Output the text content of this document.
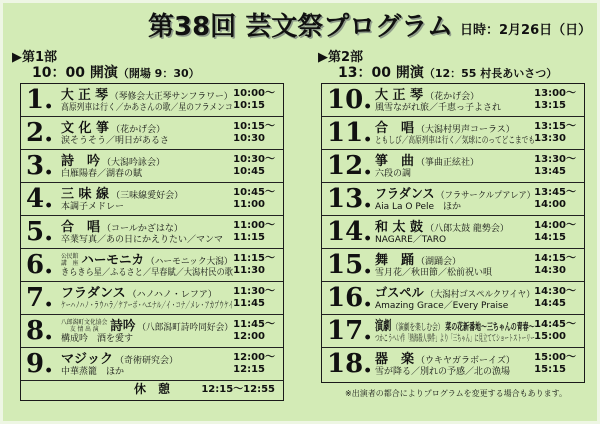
第38回 芸文祭プログラム 日時：2月26日（日）
▶第1部
10：00 開演（開場 9：30）
1. 大 正 琴 （琴修会大正琴サンフラワー）
高原列車は行く／かあさんの歌／星のフラメンコ
10:00～
10:15
2. 文 化 箏 （花かげ会）
涙そうそう／明日があるさ
10:15～
10:30
3. 詩　吟 （大潟吟詠会）
白雁陽春／湖春の賦
10:30～
10:45
4. 三 味 線 （三味線愛好会）
本調子メドレー
10:45～
11:00
5. 合　唱 （コールかざはな）
卒業写真／あの日にかえりたい／マンマ
11:00～
11:15
6. 公民館
講　座 ハーモニカ （ハーモニック大潟）
きらきら星／ふるさと／早春賦／大潟村民の歌
11:15～
11:30
7. フラダンス （ハノハノ・レフア）
ケーハノハノ・ラウハラ／ケアーボ・ヘエナル／イ・コナ／メレ・アカプウケイ
11:30～
11:45
8. 八郎潟町文化協会
友 情 出 演 詩吟 （八郎潟町詩吟同好会）
構成吟　酒を愛す
11:45～
12:00
9. マジック （奇術研究会）
中華蒸籠　ほか
12:00～
12:15
休　憩	12:15～12:55
▶第2部
13：00 開演（12：55 村長あいさつ）
10. 大 正 琴 （花かげ会）
風雪ながれ旅／千恵っ子よされ
13:00～
13:15
11. 合　唱 （大潟村男声コーラス）
ともしび／高原列車は行く／気球にのってどこまでも
13:15～
13:30
12. 箏　曲 （箏曲正絃社）
六段の調
13:30～
13:45
13. フラダンス （フラサークルプアレア）
Aia La O Pele　ほか
13:45～
14:00
14. 和 太 鼓 （八郎太鼓 龍勢会）
NAGARE／TARO
14:00～
14:15
15. 舞　踊 （湖踊会）
雪月花／秋田節／松前祝い唄
14:15～
14:30
16. ゴスペル （大潟村ゴスペルクワイヤ）
Amazing Grace／Every Praise
14:30～
14:45
17. 演劇（演劇を楽しむ会） 菜の花新番地～三ちゃんの青春～
つかこうへい作「熱海殺人事件」より「三ちゃん」に見立ててショートストーリー
14:45～
15:00
18. 器　楽 （ウキヤガラボーイズ）
雪が降る／別れの予感／北の漁場
15:00～
15:15
※出演者の都合によりプログラムを変更する場合もあります。
